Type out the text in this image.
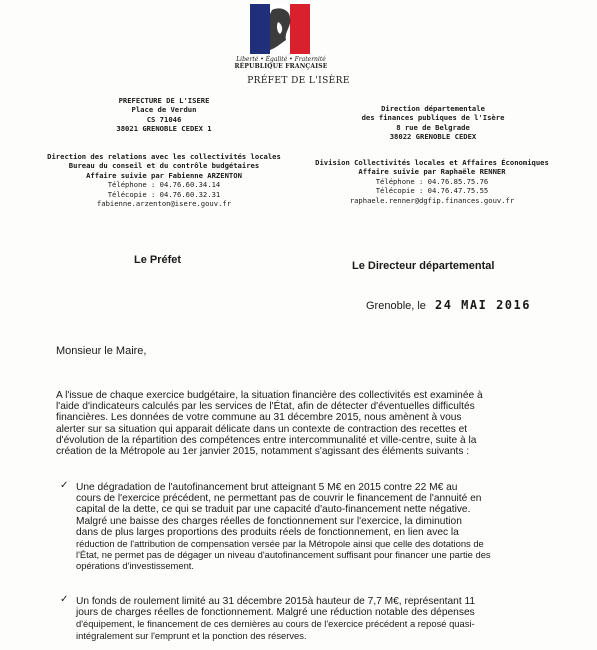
Liberté • Égalité • Fraternité
RÉPUBLIQUE FRANÇAISE
PRÉFET DE L'ISÈRE
PREFECTURE DE L'ISERE
Place de Verdun
CS 71046
38021 GRENOBLE CEDEX 1
Direction départementale
des finances publiques de l'Isère
8 rue de Belgrade
38022 GRENOBLE CEDEX
Direction des relations avec les collectivités locales
Bureau du conseil et du contrôle budgétaires
Affaire suivie par Fabienne ARZENTON
Téléphone : 04.76.60.34.14
Télécopie : 04.76.60.32.31
fabienne.arzenton@isere.gouv.fr
Division Collectivités locales et Affaires Économiques
Affaire suivie par Raphaële RENNER
Téléphone : 04.76.85.75.76
Télécopie : 04.76.47.75.55
raphaele.renner@dgfip.finances.gouv.fr
Le Préfet	Le Directeur départemental
Grenoble, le 24 MAI 2016
Monsieur le Maire,
A l'issue de chaque exercice budgétaire, la situation financière des collectivités est examinée à
l'aide d'indicateurs calculés par les services de l'État, afin de détecter d'éventuelles difficultés
financières. Les données de votre commune au 31 décembre 2015, nous amènent à vous
alerter sur sa situation qui apparait délicate dans un contexte de contraction des recettes et
d'évolution de la répartition des compétences entre intercommunalité et ville-centre, suite à la
création de la Métropole au 1er janvier 2015, notamment s'agissant des éléments suivants :
✓ Une dégradation de l'autofinancement brut atteignant 5 M€ en 2015 contre 22 M€ au
cours de l'exercice précédent, ne permettant pas de couvrir le financement de l'annuité en
capital de la dette, ce qui se traduit par une capacité d'auto-financement nette négative.
Malgré une baisse des charges réelles de fonctionnement sur l'exercice, la diminution
dans de plus larges proportions des produits réels de fonctionnement, en lien avec la
réduction de l'attribution de compensation versée par la Métropole ainsi que celle des dotations de
l'État, ne permet pas de dégager un niveau d'autofinancement suffisant pour financer une partie des
opérations d'investissement.
✓ Un fonds de roulement limité au 31 décembre 2015à hauteur de 7,7 M€, représentant 11
jours de charges réelles de fonctionnement. Malgré une réduction notable des dépenses
d'équipement, le financement de ces dernières au cours de l'exercice précédent a reposé quasi-
intégralement sur l'emprunt et la ponction des réserves.
